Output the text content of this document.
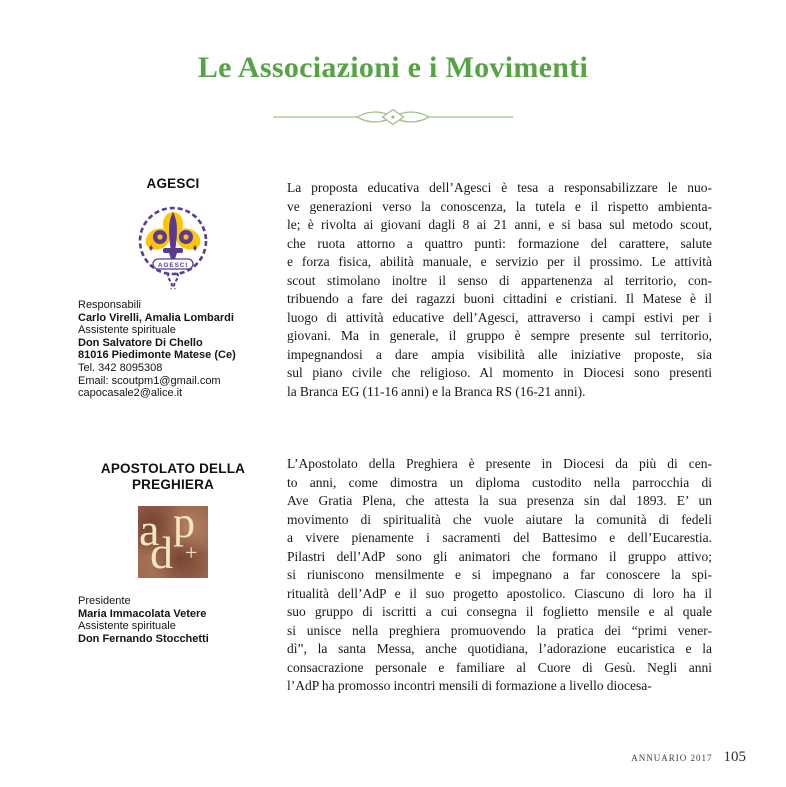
Le Associazioni e i Movimenti
AGESCI
AGESCI
Responsabili
Carlo Virelli, Amalia Lombardi
Assistente spirituale
Don Salvatore Di Chello
81016 Piedimonte Matese (Ce)
Tel. 342 8095308
Email: scoutpm1@gmail.com
capocasale2@alice.it
La proposta educativa dell’Agesci è tesa a responsabilizzare le nuo-
ve generazioni verso la conoscenza, la tutela e il rispetto ambienta-
le; è rivolta ai giovani dagli 8 ai 21 anni, e si basa sul metodo scout,
che ruota attorno a quattro punti: formazione del carattere, salute
e forza fisica, abilità manuale, e servizio per il prossimo. Le attività
scout stimolano inoltre il senso di appartenenza al territorio, con-
tribuendo a fare dei ragazzi buoni cittadini e cristiani. Il Matese è il
luogo di attività educative dell’Agesci, attraverso i campi estivi per i
giovani. Ma in generale, il gruppo è sempre presente sul territorio,
impegnandosi a dare ampia visibilità alle iniziative proposte, sia
sul piano civile che religioso. Al momento in Diocesi sono presenti
la Branca EG (11-16 anni) e la Branca RS (16-21 anni).
APOSTOLATO DELLA PREGHIERA
a p
d +
Presidente
Maria Immacolata Vetere
Assistente spirituale
Don Fernando Stocchetti
L’Apostolato della Preghiera è presente in Diocesi da più di cen-
to anni, come dimostra un diploma custodito nella parrocchia di
Ave Gratia Plena, che attesta la sua presenza sin dal 1893. E’ un
movimento di spiritualità che vuole aiutare la comunità di fedeli
a vivere pienamente i sacramenti del Battesimo e dell’Eucarestia.
Pilastri dell’AdP sono gli animatori che formano il gruppo attivo;
si riuniscono mensilmente e si impegnano a far conoscere la spi-
ritualità dell’AdP e il suo progetto apostolico. Ciascuno di loro ha il
suo gruppo di iscritti a cui consegna il foglietto mensile e al quale
si unisce nella preghiera promuovendo la pratica dei “primi vener-
dì”, la santa Messa, anche quotidiana, l’adorazione eucaristica e la
consacrazione personale e familiare al Cuore di Gesù. Negli anni
l’AdP ha promosso incontri mensili di formazione a livello diocesa-
ANNUARIO 2017 105
